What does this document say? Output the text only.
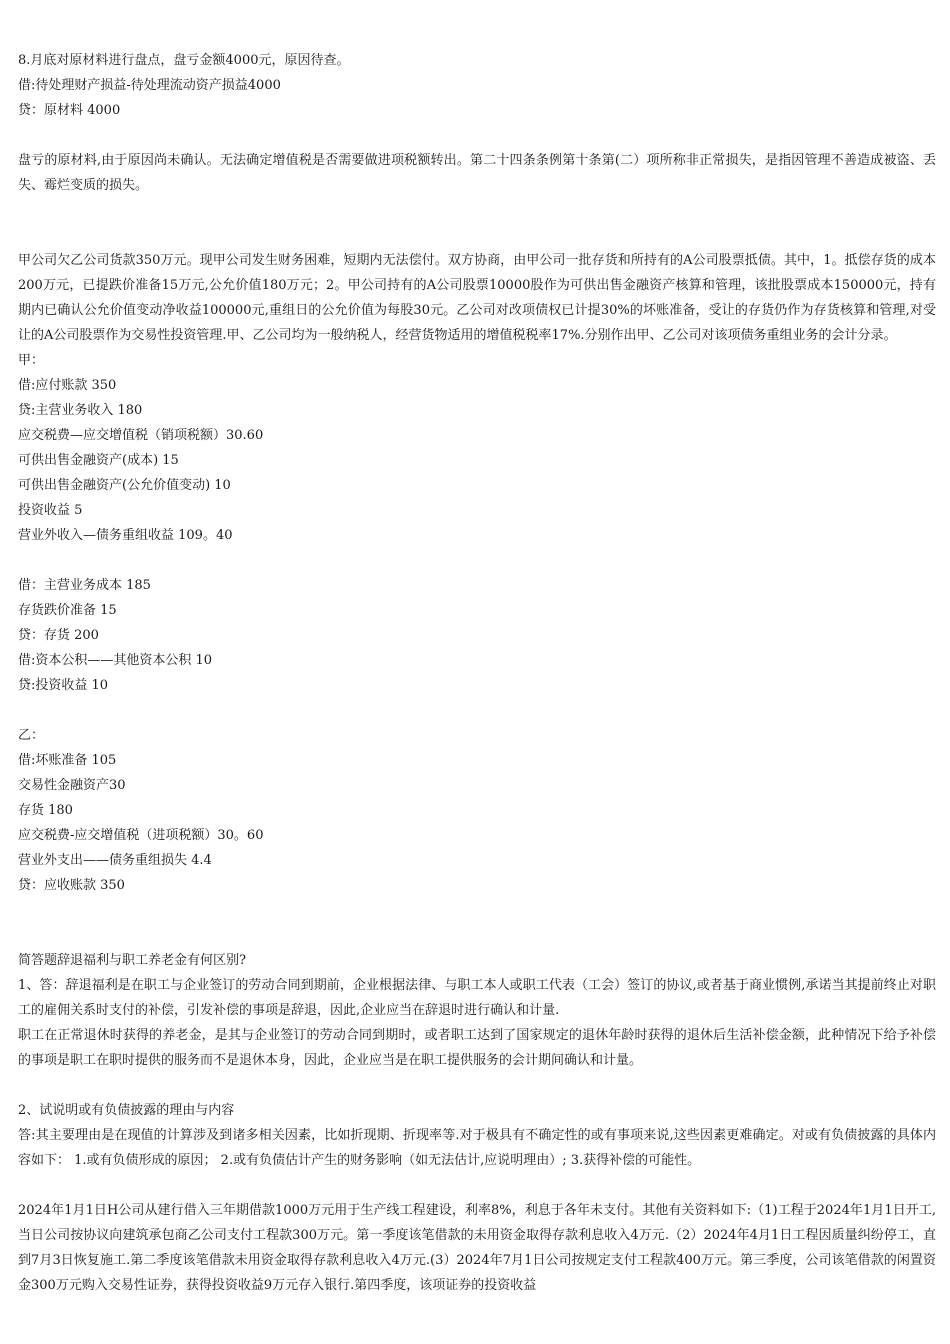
8.月底对原材料进行盘点，盘亏金额4000元，原因待查。

借:待处理财产损益-待处理流动资产损益4000

贷：原材料 4000

盘亏的原材料,由于原因尚未确认。无法确定增值税是否需要做进项税额转出。第二十四条条例第十条第(二）项所称非正常损失，是指因管理不善造成被盗、丢失、霉烂变质的损失。

甲公司欠乙公司货款350万元。现甲公司发生财务困难，短期内无法偿付。双方协商，由甲公司一批存货和所持有的A公司股票抵债。其中，1。抵偿存货的成本200万元，已提跌价准备15万元,公允价值180万元；2。甲公司持有的A公司股票10000股作为可供出售金融资产核算和管理，该批股票成本150000元，持有期内已确认公允价值变动净收益100000元,重组日的公允价值为每股30元。乙公司对改项债权已计提30%的坏账准备，受让的存货仍作为存货核算和管理,对受让的A公司股票作为交易性投资管理.甲、乙公司均为一般纳税人，经营货物适用的增值税税率17%.分别作出甲、乙公司对该项债务重组业务的会计分录。

甲：

借:应付账款 350

贷:主营业务收入 180

应交税费—应交增值税（销项税额）30.60

可供出售金融资产(成本) 15

可供出售金融资产(公允价值变动) 10

投资收益 5

营业外收入—债务重组收益 109。40

借：主营业务成本 185

存货跌价准备 15

贷：存货 200

借:资本公积——其他资本公积 10

贷:投资收益 10

乙：

借:坏账准备 105

交易性金融资产30

存货 180

应交税费-应交增值税（进项税额）30。60

营业外支出——债务重组损失 4.4

贷：应收账款 350

简答题辞退福利与职工养老金有何区别?

1、答：辞退福利是在职工与企业签订的劳动合同到期前，企业根据法律、与职工本人或职工代表（工会）签订的协议,或者基于商业惯例,承诺当其提前终止对职工的雇佣关系时支付的补偿，引发补偿的事项是辞退，因此,企业应当在辞退时进行确认和计量.

职工在正常退休时获得的养老金，是其与企业签订的劳动合同到期时，或者职工达到了国家规定的退休年龄时获得的退休后生活补偿金额，此种情况下给予补偿的事项是职工在职时提供的服务而不是退休本身，因此，企业应当是在职工提供服务的会计期间确认和计量。

2、试说明或有负债披露的理由与内容

答:其主要理由是在现值的计算涉及到诸多相关因素，比如折现期、折现率等.对于极具有不确定性的或有事项来说,这些因素更难确定。对或有负债披露的具体内容如下： 1.或有负债形成的原因； 2.或有负债估计产生的财务影响（如无法估计,应说明理由）; 3.获得补偿的可能性。

2024年1月1日H公司从建行借入三年期借款1000万元用于生产线工程建设，利率8%，利息于各年未支付。其他有关资料如下:（1)工程于2024年1月1日开工,当日公司按协议向建筑承包商乙公司支付工程款300万元。第一季度该笔借款的未用资金取得存款利息收入4万元.（2）2024年4月1日工程因质量纠纷停工，直到7月3日恢复施工.第二季度该笔借款未用资金取得存款利息收入4万元.(3）2024年7月1日公司按规定支付工程款400万元。第三季度，公司该笔借款的闲置资金300万元购入交易性证券，获得投资收益9万元存入银行.第四季度，该项证券的投资收益
